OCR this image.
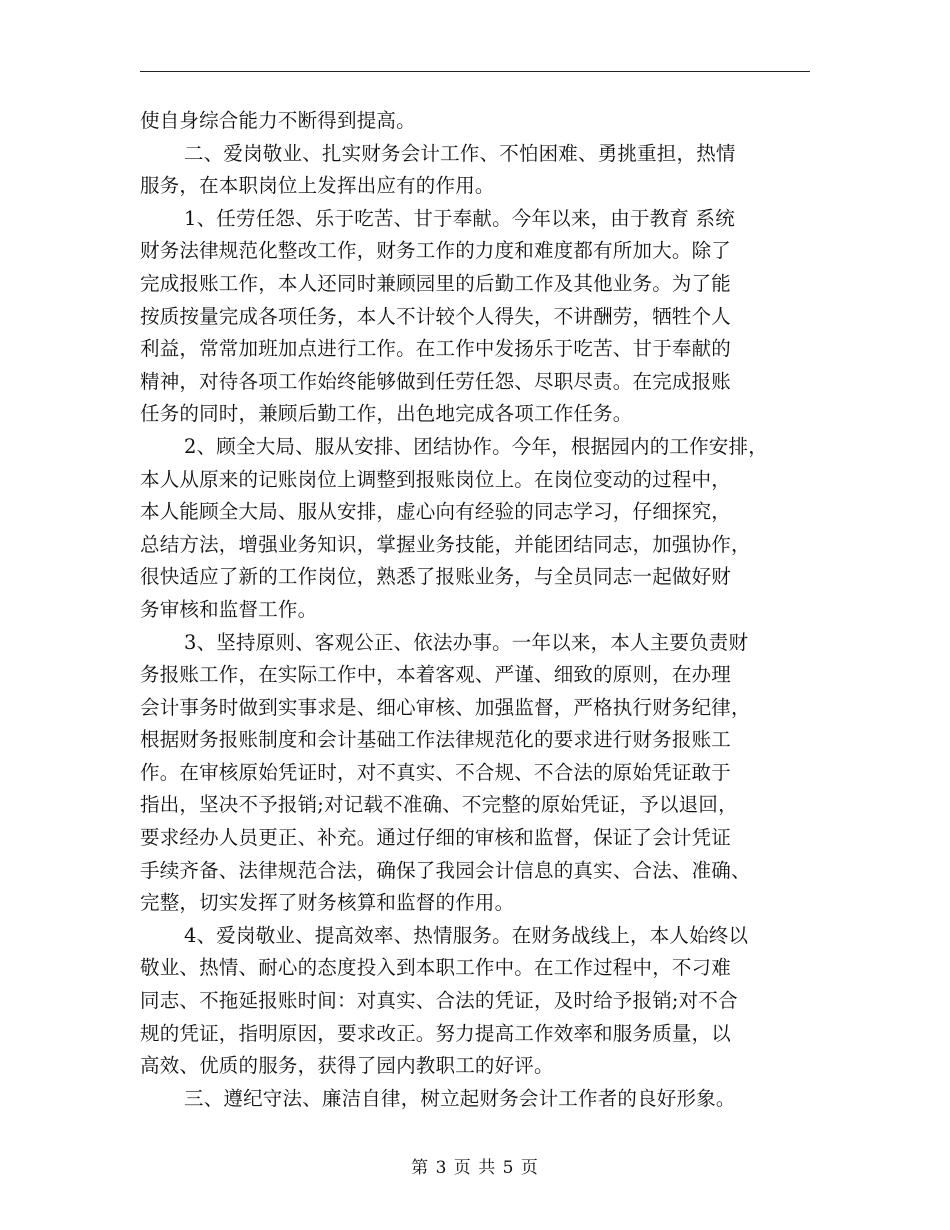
使自身综合能力不断得到提高。
二、爱岗敬业、扎实财务会计工作、不怕困难、勇挑重担，热情
服务，在本职岗位上发挥出应有的作用。
1、任劳任怨、乐于吃苦、甘于奉献。今年以来，由于教育 系统
财务法律规范化整改工作，财务工作的力度和难度都有所加大。除了
完成报账工作，本人还同时兼顾园里的后勤工作及其他业务。为了能
按质按量完成各项任务，本人不计较个人得失，不讲酬劳，牺牲个人
利益，常常加班加点进行工作。在工作中发扬乐于吃苦、甘于奉献的
精神，对待各项工作始终能够做到任劳任怨、尽职尽责。在完成报账
任务的同时，兼顾后勤工作，出色地完成各项工作任务。
2、顾全大局、服从安排、团结协作。今年，根据园内的工作安排，
本人从原来的记账岗位上调整到报账岗位上。在岗位变动的过程中，
本人能顾全大局、服从安排，虚心向有经验的同志学习，仔细探究，
总结方法，增强业务知识，掌握业务技能，并能团结同志，加强协作，
很快适应了新的工作岗位，熟悉了报账业务，与全员同志一起做好财
务审核和监督工作。
3、坚持原则、客观公正、依法办事。一年以来，本人主要负责财
务报账工作，在实际工作中，本着客观、严谨、细致的原则，在办理
会计事务时做到实事求是、细心审核、加强监督，严格执行财务纪律，
根据财务报账制度和会计基础工作法律规范化的要求进行财务报账工
作。在审核原始凭证时，对不真实、不合规、不合法的原始凭证敢于
指出，坚决不予报销;对记载不准确、不完整的原始凭证，予以退回，
要求经办人员更正、补充。通过仔细的审核和监督，保证了会计凭证
手续齐备、法律规范合法，确保了我园会计信息的真实、合法、准确、
完整，切实发挥了财务核算和监督的作用。
4、爱岗敬业、提高效率、热情服务。在财务战线上，本人始终以
敬业、热情、耐心的态度投入到本职工作中。在工作过程中，不刁难
同志、不拖延报账时间：对真实、合法的凭证，及时给予报销;对不合
规的凭证，指明原因，要求改正。努力提高工作效率和服务质量，以
高效、优质的服务，获得了园内教职工的好评。
三、遵纪守法、廉洁自律，树立起财务会计工作者的良好形象。
第 3 页 共 5 页
